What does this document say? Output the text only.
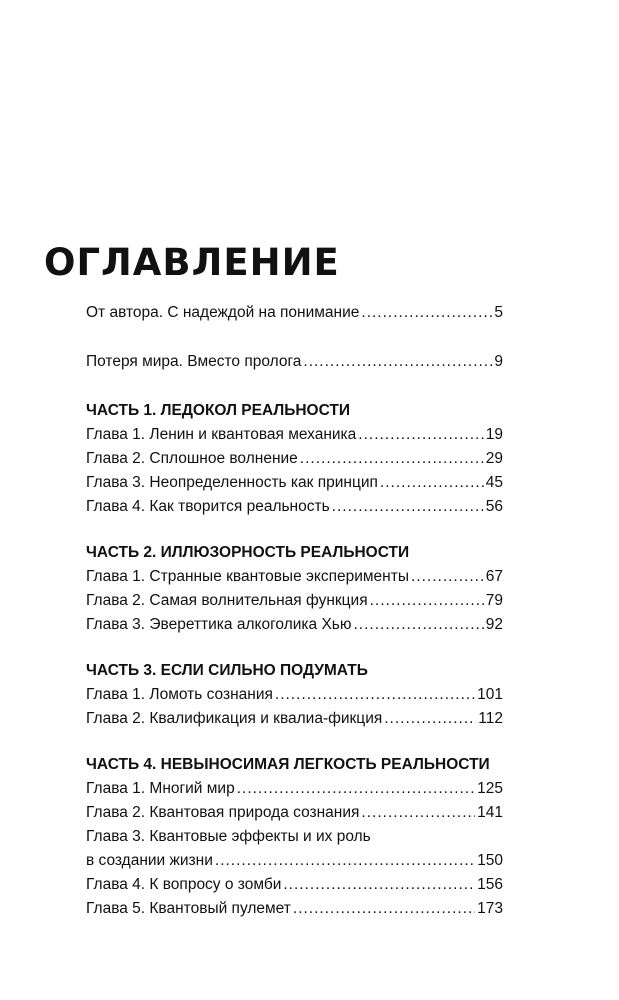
ОГЛАВЛЕНИЕ
От автора. С надеждой на понимание .....	5
Потеря мира. Вместо пролога .....	9
ЧАСТЬ 1. ЛЕДОКОЛ РЕАЛЬНОСТИ
Глава 1. Ленин и квантовая механика .....	19
Глава 2. Сплошное волнение .....	29
Глава 3. Неопределенность как принцип .....	45
Глава 4. Как творится реальность .....	56
ЧАСТЬ 2. ИЛЛЮЗОРНОСТЬ РЕАЛЬНОСТИ
Глава 1. Странные квантовые эксперименты .....	67
Глава 2. Самая волнительная функция .....	79
Глава 3. Эвереттика алкоголика Хью .....	92
ЧАСТЬ 3. ЕСЛИ СИЛЬНО ПОДУМАТЬ
Глава 1. Ломоть сознания .....	101
Глава 2. Квалификация и квалиа-фикция .....	112
ЧАСТЬ 4. НЕВЫНОСИМАЯ ЛЕГКОСТЬ РЕАЛЬНОСТИ
Глава 1. Многий мир .....	125
Глава 2. Квантовая природа сознания .....	141
Глава 3. Квантовые эффекты и их роль
в создании жизни .....	150
Глава 4. К вопросу о зомби .....	156
Глава 5. Квантовый пулемет .....	173
